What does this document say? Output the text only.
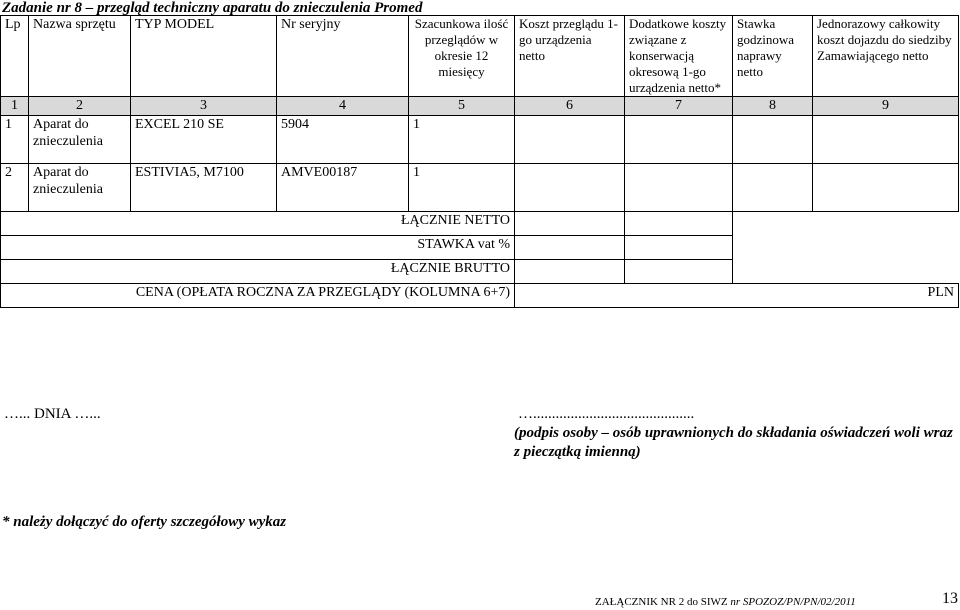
Zadanie nr 8 – przegląd techniczny aparatu do znieczulenia Promed
Lp	Nazwa sprzętu	TYP MODEL	Nr seryjny	Szacunkowa ilość przeglądów w okresie 12 miesięcy	Koszt przeglądu 1-go urządzenia netto	Dodatkowe koszty związane z konserwacją okresową 1-go urządzenia netto*	Stawka godzinowa naprawy netto	Jednorazowy całkowity koszt dojazdu do siedziby Zamawiającego netto
1	2	3	4	5	6	7	8	9
1	Aparat do znieczulenia	EXCEL 210 SE	5904	1				
2	Aparat do znieczulenia	ESTIVIA5, M7100	AMVE00187	1				
ŁĄCZNIE NETTO								
STAWKA vat %								
ŁĄCZNIE BRUTTO								
CENA (OPŁATA ROCZNA ZA PRZEGLĄDY (KOLUMNA 6+7)					PLN			
…... DNIA …...	…...........................................
(podpis osoby – osób uprawnionych do składania oświadczeń woli wraz z pieczątką imienną)
* należy dołączyć do oferty szczegółowy wykaz
ZAŁĄCZNIK NR 2 do SIWZ nr SPOZOZ/PN/PN/02/2011	13
